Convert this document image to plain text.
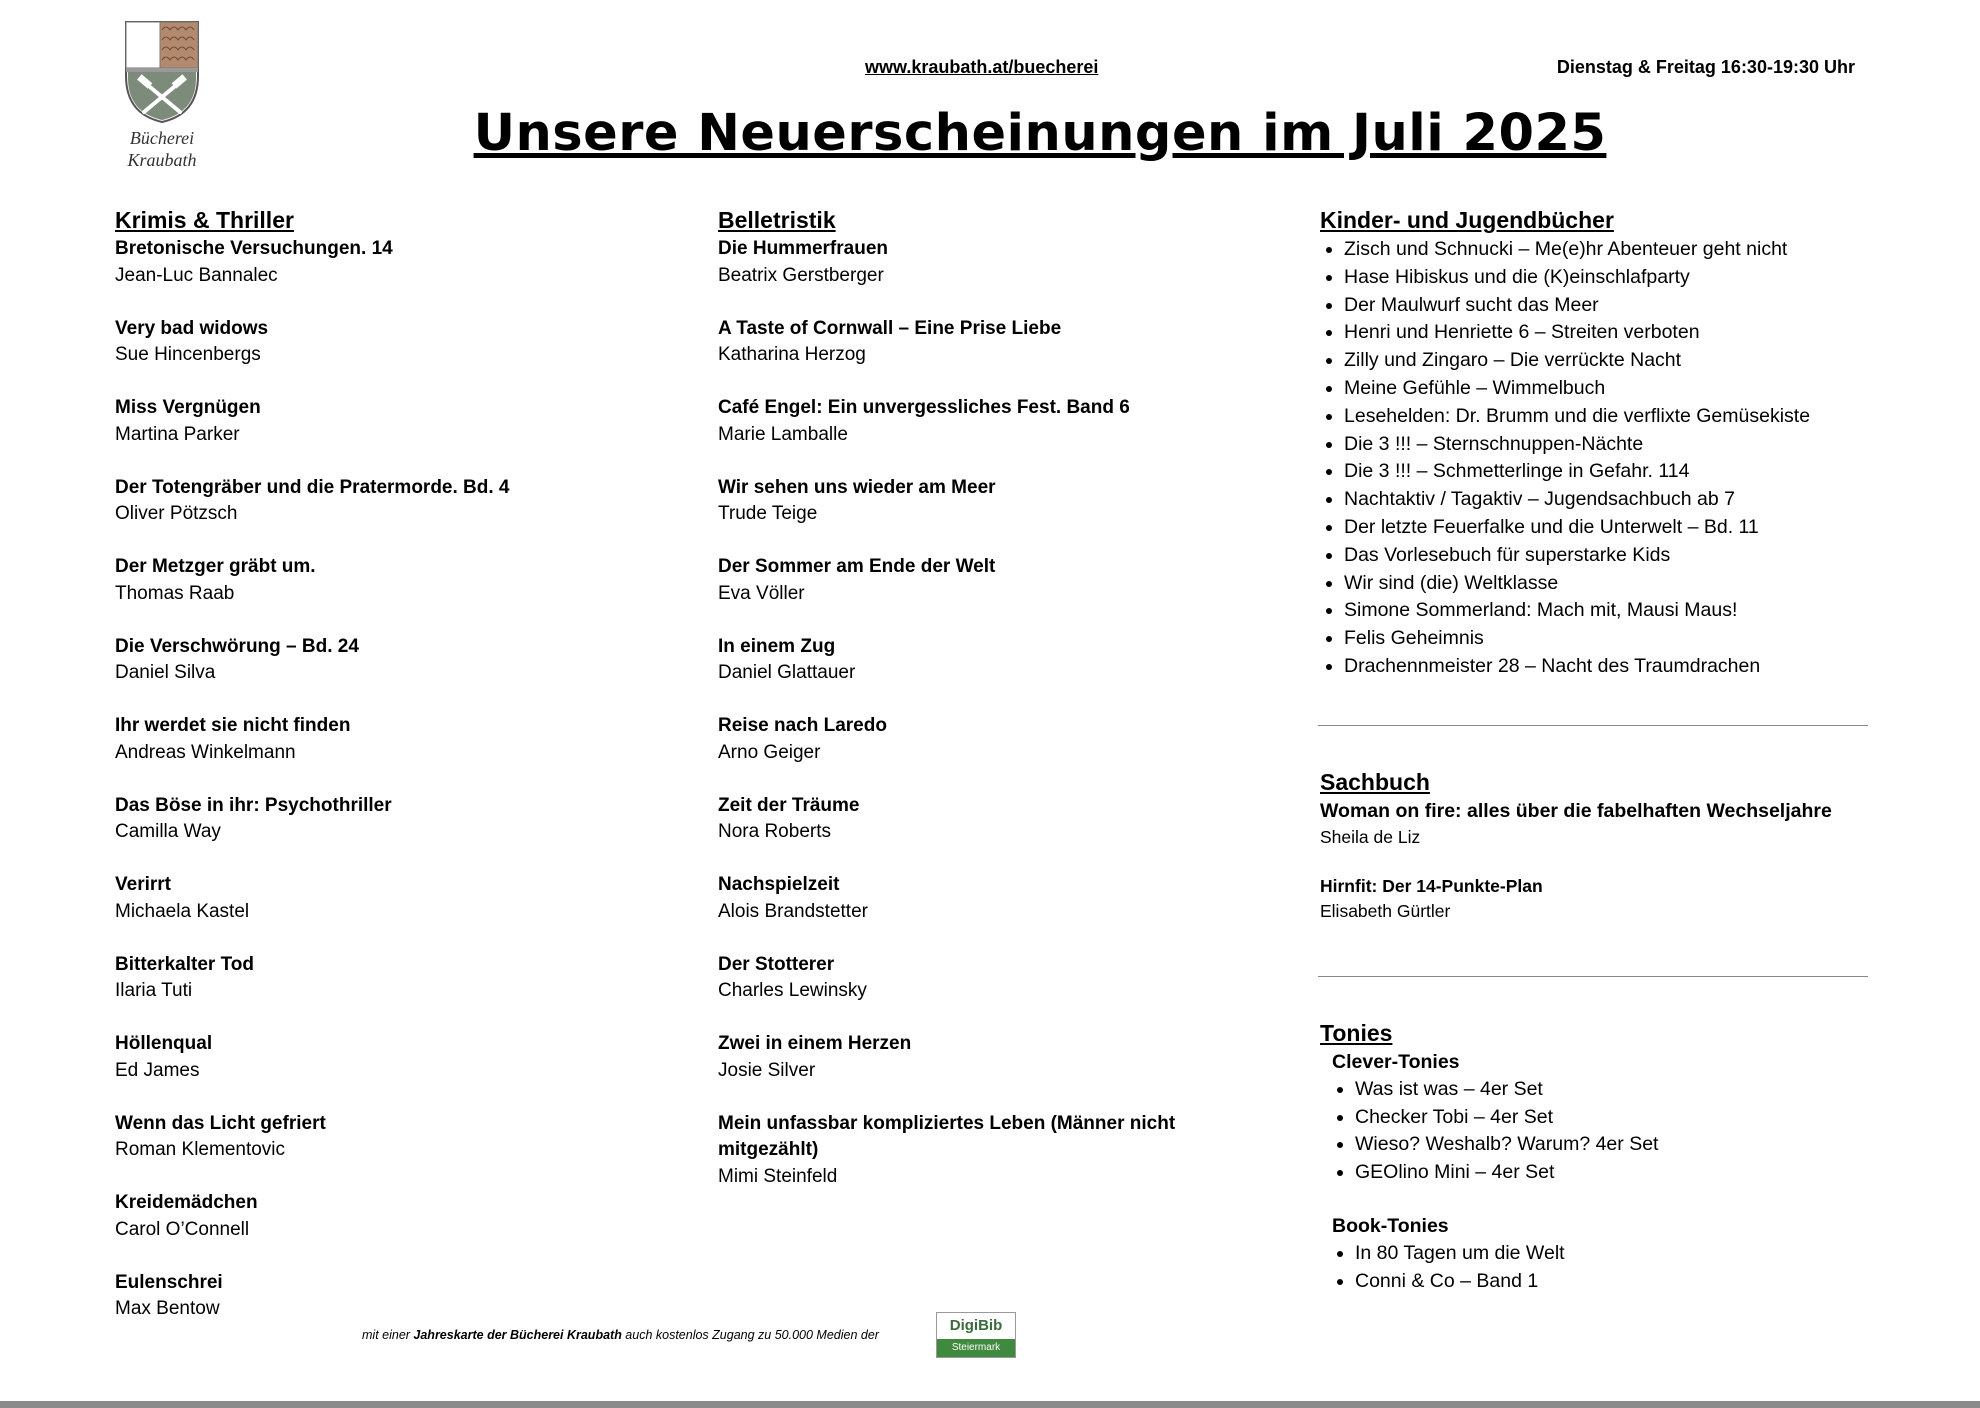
Bücherei
Kraubath
www.kraubath.at/buecherei	Dienstag & Freitag 16:30-19:30 Uhr
Unsere Neuerscheinungen im Juli 2025
Krimis & Thriller
Bretonische Versuchungen. 14
Jean-Luc Bannalec
Very bad widows
Sue Hincenbergs
Miss Vergnügen
Martina Parker
Der Totengräber und die Pratermorde. Bd. 4
Oliver Pötzsch
Der Metzger gräbt um.
Thomas Raab
Die Verschwörung – Bd. 24
Daniel Silva
Ihr werdet sie nicht finden
Andreas Winkelmann
Das Böse in ihr: Psychothriller
Camilla Way
Verirrt
Michaela Kastel
Bitterkalter Tod
Ilaria Tuti
Höllenqual
Ed James
Wenn das Licht gefriert
Roman Klementovic
Kreidemädchen
Carol O’Connell
Eulenschrei
Max Bentow
Belletristik
Die Hummerfrauen
Beatrix Gerstberger
A Taste of Cornwall – Eine Prise Liebe
Katharina Herzog
Café Engel: Ein unvergessliches Fest. Band 6
Marie Lamballe
Wir sehen uns wieder am Meer
Trude Teige
Der Sommer am Ende der Welt
Eva Völler
In einem Zug
Daniel Glattauer
Reise nach Laredo
Arno Geiger
Zeit der Träume
Nora Roberts
Nachspielzeit
Alois Brandstetter
Der Stotterer
Charles Lewinsky
Zwei in einem Herzen
Josie Silver
Mein unfassbar kompliziertes Leben (Männer nicht mitgezählt)
Mimi Steinfeld
Kinder- und Jugendbücher
• Zisch und Schnucki – Me(e)hr Abenteuer geht nicht
• Hase Hibiskus und die (K)einschlafparty
• Der Maulwurf sucht das Meer
• Henri und Henriette 6 – Streiten verboten
• Zilly und Zingaro – Die verrückte Nacht
• Meine Gefühle – Wimmelbuch
• Lesehelden: Dr. Brumm und die verflixte Gemüsekiste
• Die 3 !!! – Sternschnuppen-Nächte
• Die 3 !!! – Schmetterlinge in Gefahr. 114
• Nachtaktiv / Tagaktiv – Jugendsachbuch ab 7
• Der letzte Feuerfalke und die Unterwelt – Bd. 11
• Das Vorlesebuch für superstarke Kids
• Wir sind (die) Weltklasse
• Simone Sommerland: Mach mit, Mausi Maus!
• Felis Geheimnis
• Drachennmeister 28 – Nacht des Traumdrachen
Sachbuch
Woman on fire: alles über die fabelhaften Wechseljahre
Sheila de Liz
Hirnfit: Der 14-Punkte-Plan
Elisabeth Gürtler
Tonies
Clever-Tonies
• Was ist was – 4er Set
• Checker Tobi – 4er Set
• Wieso? Weshalb? Warum? 4er Set
• GEOlino Mini – 4er Set
Book-Tonies
• In 80 Tagen um die Welt
• Conni & Co – Band 1
mit einer Jahreskarte der Bücherei Kraubath auch kostenlos Zugang zu 50.000 Medien der
DigiBib
Steiermark
